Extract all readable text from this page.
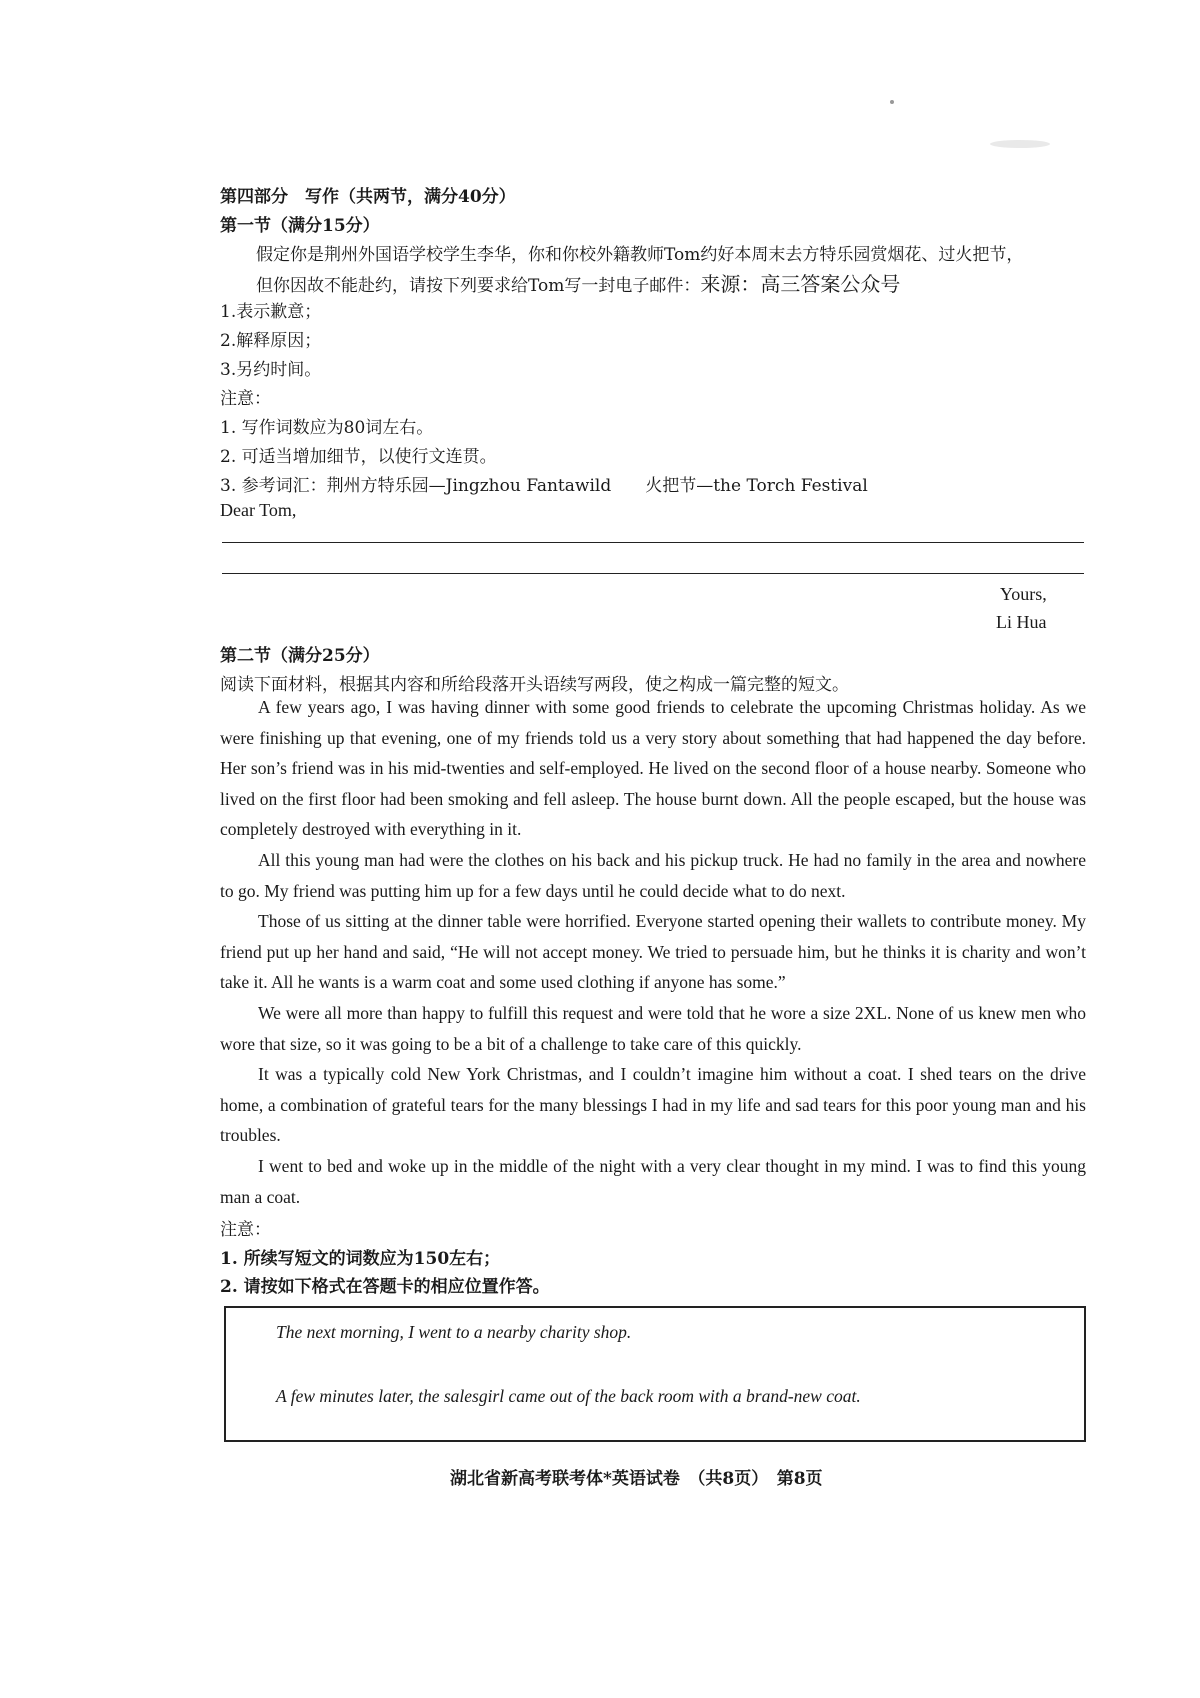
第四部分　写作（共两节，满分40分）
第一节（满分15分）
假定你是荆州外国语学校学生李华，你和你校外籍教师Tom约好本周末去方特乐园赏烟花、过火把节，
但你因故不能赴约，请按下列要求给Tom写一封电子邮件：来源：高三答案公众号
1.表示歉意；
2.解释原因；
3.另约时间。
注意：
1. 写作词数应为80词左右。
2. 可适当增加细节，以使行文连贯。
3. 参考词汇：荆州方特乐园—Jingzhou Fantawild　　火把节—the Torch Festival
Dear Tom,
Yours,
Li Hua
第二节（满分25分）
阅读下面材料，根据其内容和所给段落开头语续写两段，使之构成一篇完整的短文。
A few years ago, I was having dinner with some good friends to celebrate the upcoming Christmas holiday. As we were finishing up that evening, one of my friends told us a very story about something that had happened the day before. Her son’s friend was in his mid-twenties and self-employed. He lived on the second floor of a house nearby. Someone who lived on the first floor had been smoking and fell asleep. The house burnt down. All the people escaped, but the house was completely destroyed with everything in it.
All this young man had were the clothes on his back and his pickup truck. He had no family in the area and nowhere to go. My friend was putting him up for a few days until he could decide what to do next.
Those of us sitting at the dinner table were horrified. Everyone started opening their wallets to contribute money. My friend put up her hand and said, “He will not accept money. We tried to persuade him, but he thinks it is charity and won’t take it. All he wants is a warm coat and some used clothing if anyone has some.”
We were all more than happy to fulfill this request and were told that he wore a size 2XL. None of us knew men who wore that size, so it was going to be a bit of a challenge to take care of this quickly.
It was a typically cold New York Christmas, and I couldn’t imagine him without a coat. I shed tears on the drive home, a combination of grateful tears for the many blessings I had in my life and sad tears for this poor young man and his troubles.
I went to bed and woke up in the middle of the night with a very clear thought in my mind. I was to find this young man a coat.
注意：
1. 所续写短文的词数应为150左右；
2. 请按如下格式在答题卡的相应位置作答。
The next morning, I went to a nearby charity shop.
A few minutes later, the salesgirl came out of the back room with a brand-new coat.
湖北省新高考联考体*英语试卷　（共8页）　第8页
